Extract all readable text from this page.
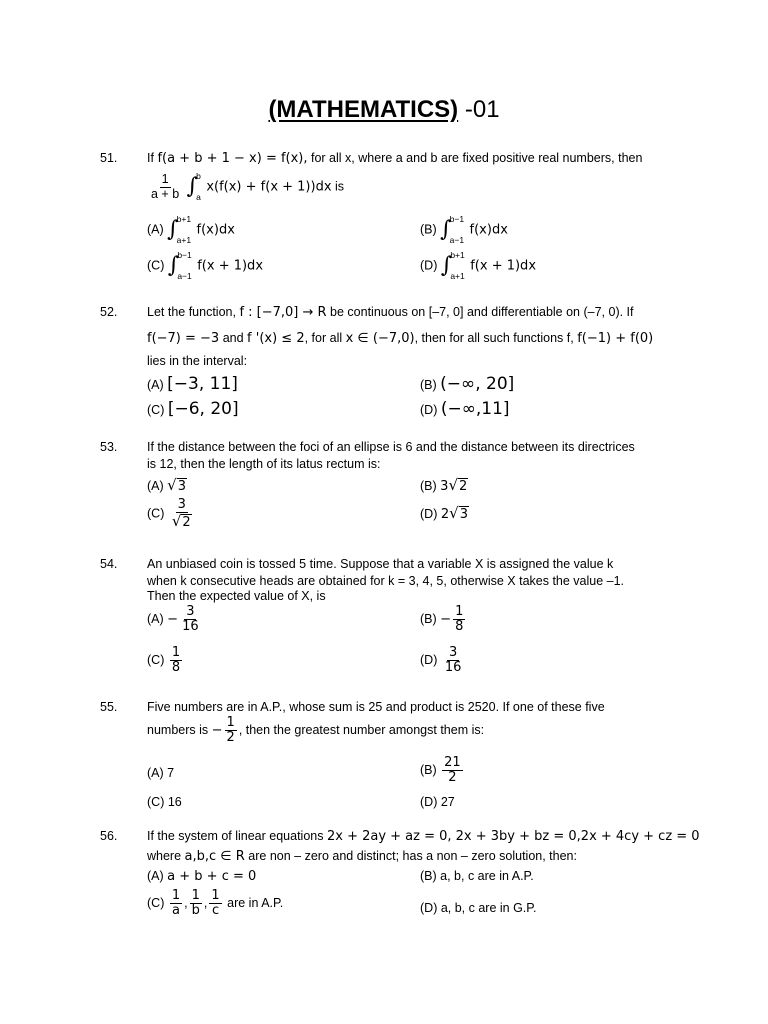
(MATHEMATICS) -01
51. If f(a + b + 1 − x) = f(x), for all x, where a and b are fixed positive real numbers, then
$\frac{1}{a + b}$
∫
b
a
x(f(x) + f(x + 1))dx is
(A) ∫
b+1
a+1
f(x)dx	(B) ∫
b−1
a−1
f(x)dx
(C) ∫
b−1
a−1
f(x + 1)dx	(D) ∫
b+1
a+1
f(x + 1)dx
52. Let the function, f : [−7,0] → R be continuous on [–7, 0] and differentiable on (–7, 0). If
f(−7) = −3 and f '(x) ≤ 2, for all x ∈ (−7,0), then for all such functions f, f(−1) + f(0)
lies in the interval:
(A) [−3, 11]	(B) (−∞, 20]
(C) [−6, 20]	(D) (−∞,11]
53. If the distance between the foci of an ellipse is 6 and the distance between its directrices
is 12, then the length of its latus rectum is:
(A) √3	(B) 3√2
$(C) \frac{3}{√2}$	(D) 2√3
54. An unbiased coin is tossed 5 time. Suppose that a variable X is assigned the value k
when k consecutive heads are obtained for k = 3, 4, 5, otherwise X takes the value –1.
Then the expected value of X, is
$(A) - \frac{3}{16}$	$(B) - \frac{1}{8}$
$(C) \frac{1}{8}$	$(D) \frac{3}{16}$
55. Five numbers are in A.P., whose sum is 25 and product is 2520. If one of these five
numbers is − $\frac{1}{2}$ , then the greatest number amongst them is:
(A) 7	$(B) \frac{21}{2}$
(C) 16	(D) 27
56. If the system of linear equations 2x + 2ay + az = 0, 2x + 3by + bz = 0,2x + 4cy + cz = 0
where a,b,c ∈ R are non – zero and distinct; has a non – zero solution, then:
(A) a + b + c = 0	(B) a, b, c are in A.P.
$(C) \frac{1}{a}$ , $\frac{1}{b}$ , $\frac{1}{c}$ are in A.P.	(D) a, b, c are in G.P.
